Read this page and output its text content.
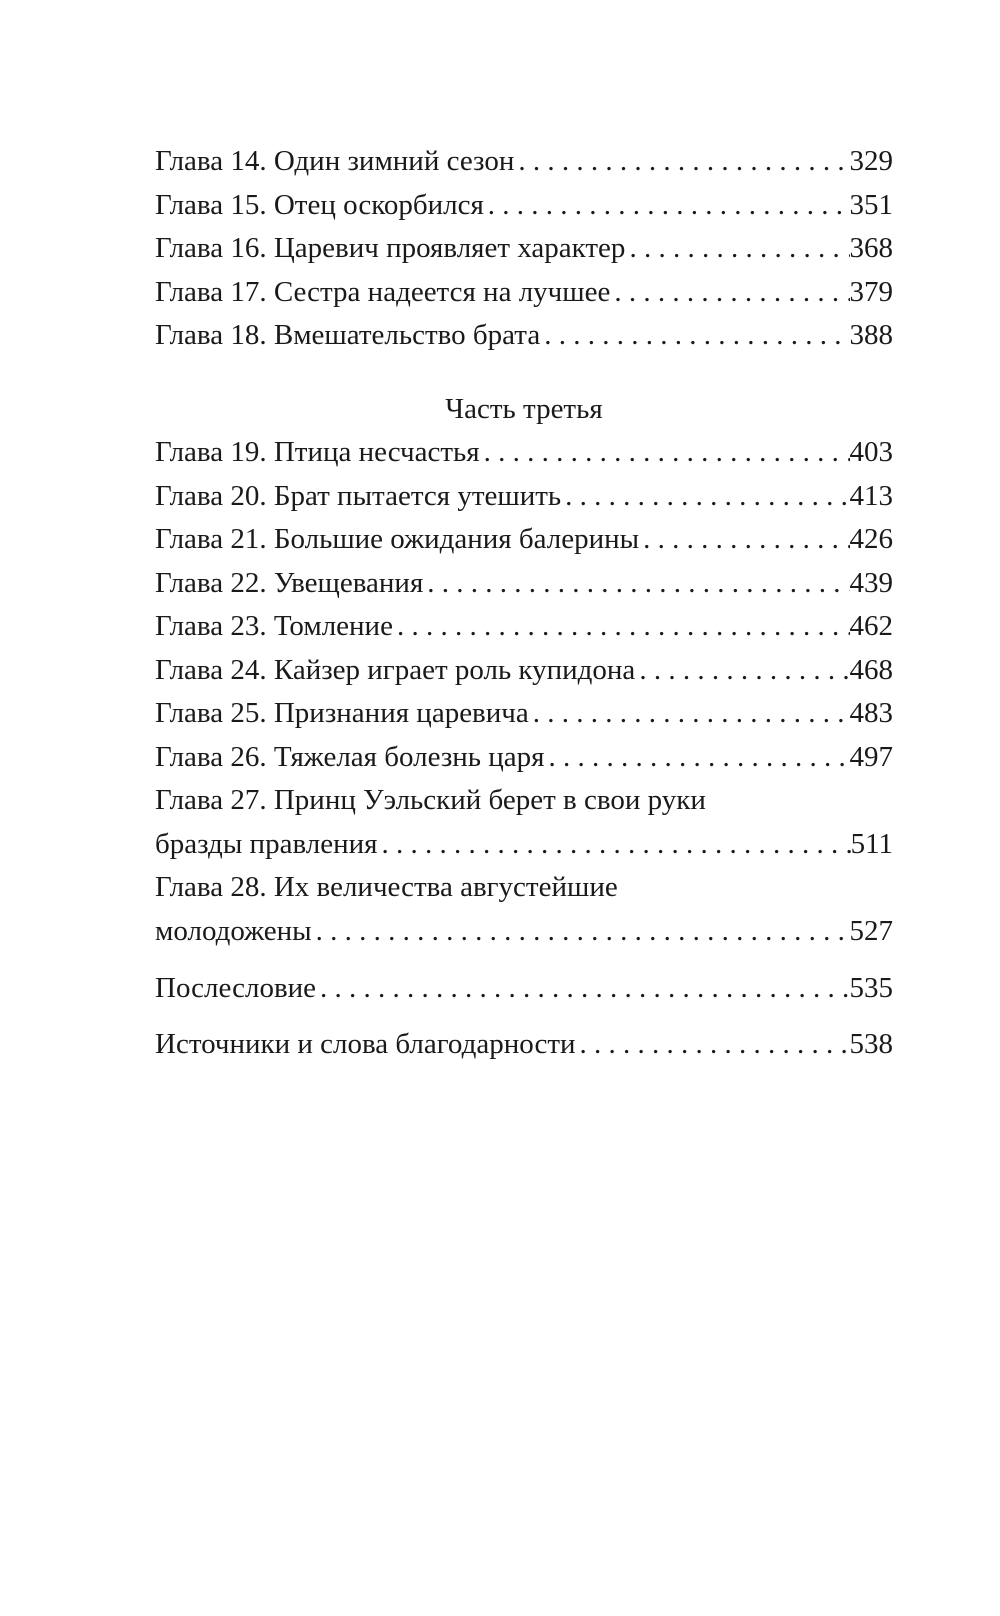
Глава 14. Один зимний сезон . . .	329
Глава 15. Отец оскорбился . . .	351
Глава 16. Царевич проявляет характер . . .	368
Глава 17. Сестра надеется на лучшее . . .	379
Глава 18. Вмешательство брата . . .	388
Часть третья
Глава 19. Птица несчастья . . .	403
Глава 20. Брат пытается утешить . . .	413
Глава 21. Большие ожидания балерины . . .	426
Глава 22. Увещевания . . .	439
Глава 23. Томление . . .	462
Глава 24. Кайзер играет роль купидона . . .	468
Глава 25. Признания царевича . . .	483
Глава 26. Тяжелая болезнь царя . . .	497
Глава 27. Принц Уэльский берет в свои руки
бразды правления . . .	511
Глава 28. Их величества августейшие
молодожены . . .	527
Послесловие . . .	535
Источники и слова благодарности . . .	538
